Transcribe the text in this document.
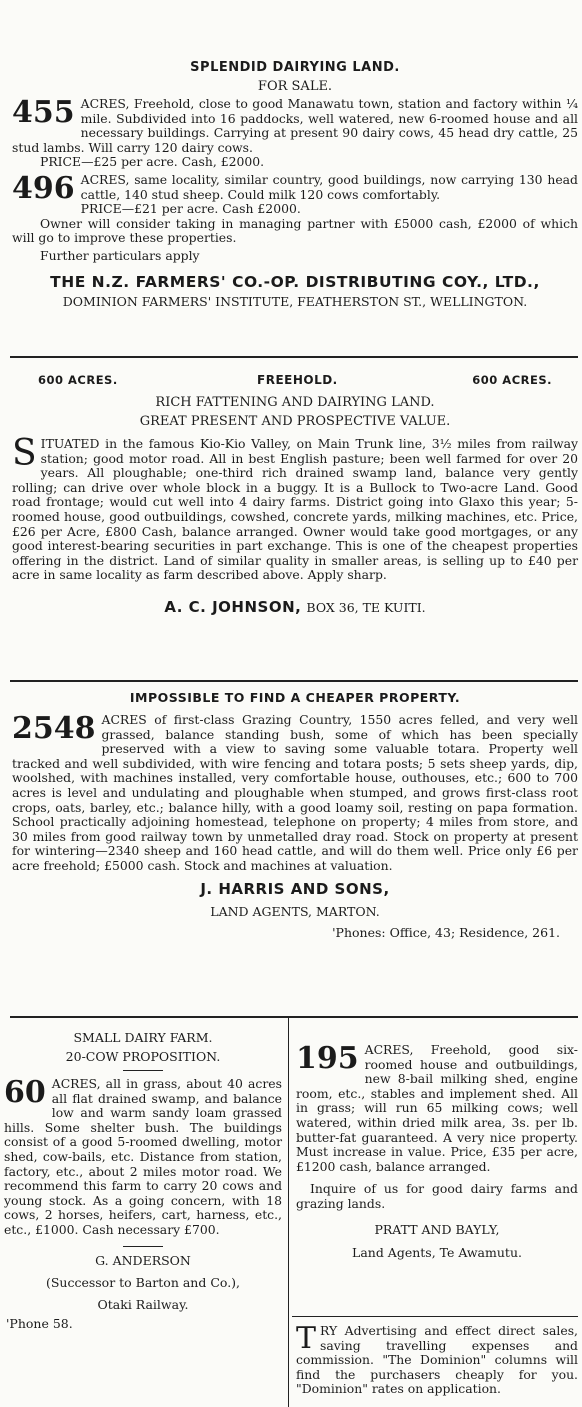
SPLENDID DAIRYING LAND.
FOR SALE.
455 ACRES, Freehold, close to good Manawatu town, station and factory within ¼ mile. Subdivided into 16 paddocks, well watered, new 6-roomed house and all necessary buildings. Carrying at present 90 dairy cows, 45 head dry cattle, 25 stud lambs. Will carry 120 dairy cows.

PRICE—£25 per acre. Cash, £2000.

496 ACRES, same locality, similar country, good buildings, now carrying 130 head cattle, 140 stud sheep. Could milk 120 cows comfortably.

PRICE—£21 per acre. Cash £2000.

Owner will consider taking in managing partner with £5000 cash, £2000 of which will go to improve these properties.

Further particulars apply

THE N.Z. FARMERS' CO.-OP. DISTRIBUTING COY., LTD.,
DOMINION FARMERS' INSTITUTE, FEATHERSTON ST., WELLINGTON.
600 ACRES.	FREEHOLD.	600 ACRES.
RICH FATTENING AND DAIRYING LAND.
GREAT PRESENT AND PROSPECTIVE VALUE.
S ITUATED in the famous Kio-Kio Valley, on Main Trunk line, 3½ miles from railway station; good motor road. All in best English pasture; been well farmed for over 20 years. All ploughable; one-third rich drained swamp land, balance very gently rolling; can drive over whole block in a buggy. It is a Bullock to Two-acre Land. Good road frontage; would cut well into 4 dairy farms. District going into Glaxo this year; 5-roomed house, good outbuildings, cowshed, concrete yards, milking machines, etc. Price, £26 per Acre, £800 Cash, balance arranged. Owner would take good mortgages, or any good interest-bearing securities in part exchange. This is one of the cheapest properties offering in the district. Land of similar quality in smaller areas, is selling up to £40 per acre in same locality as farm described above. Apply sharp.

A. C. JOHNSON, BOX 36, TE KUITI.
IMPOSSIBLE TO FIND A CHEAPER PROPERTY.
2548 ACRES of first-class Grazing Country, 1550 acres felled, and very well grassed, balance standing bush, some of which has been specially preserved with a view to saving some valuable totara. Property well tracked and well subdivided, with wire fencing and totara posts; 5 sets sheep yards, dip, woolshed, with machines installed, very comfortable house, outhouses, etc.; 600 to 700 acres is level and undulating and ploughable when stumped, and grows first-class root crops, oats, barley, etc.; balance hilly, with a good loamy soil, resting on papa formation. School practically adjoining homestead, telephone on property; 4 miles from store, and 30 miles from good railway town by unmetalled dray road. Stock on property at present for wintering—2340 sheep and 160 head cattle, and will do them well. Price only £6 per acre freehold; £5000 cash. Stock and machines at valuation.

J. HARRIS AND SONS,
LAND AGENTS, MARTON.
'Phones: Office, 43; Residence, 261.
SMALL DAIRY FARM.
20-COW PROPOSITION.
60 ACRES, all in grass, about 40 acres all flat drained swamp, and balance low and warm sandy loam grassed hills. Some shelter bush. The buildings consist of a good 5-roomed dwelling, motor shed, cow-bails, etc. Distance from station, factory, etc., about 2 miles motor road. We recommend this farm to carry 20 cows and young stock. As a going concern, with 18 cows, 2 horses, heifers, cart, harness, etc., etc., £1000. Cash necessary £700.

G. ANDERSON
(Successor to Barton and Co.),
Otaki Railway.
'Phone 58.
195 ACRES, Freehold, good six-roomed house and outbuildings, new 8-bail milking shed, engine room, etc., stables and implement shed. All in grass; will run 65 milking cows; well watered, within dried milk area, 3s. per lb. butter-fat guaranteed. A very nice property. Must increase in value. Price, £35 per acre, £1200 cash, balance arranged.

Inquire of us for good dairy farms and grazing lands.

PRATT AND BAYLY,
Land Agents, Te Awamutu.
T RY Advertising and effect direct sales, saving travelling expenses and commission. "The Dominion" columns will find the purchasers cheaply for you. "Dominion" rates on application.
